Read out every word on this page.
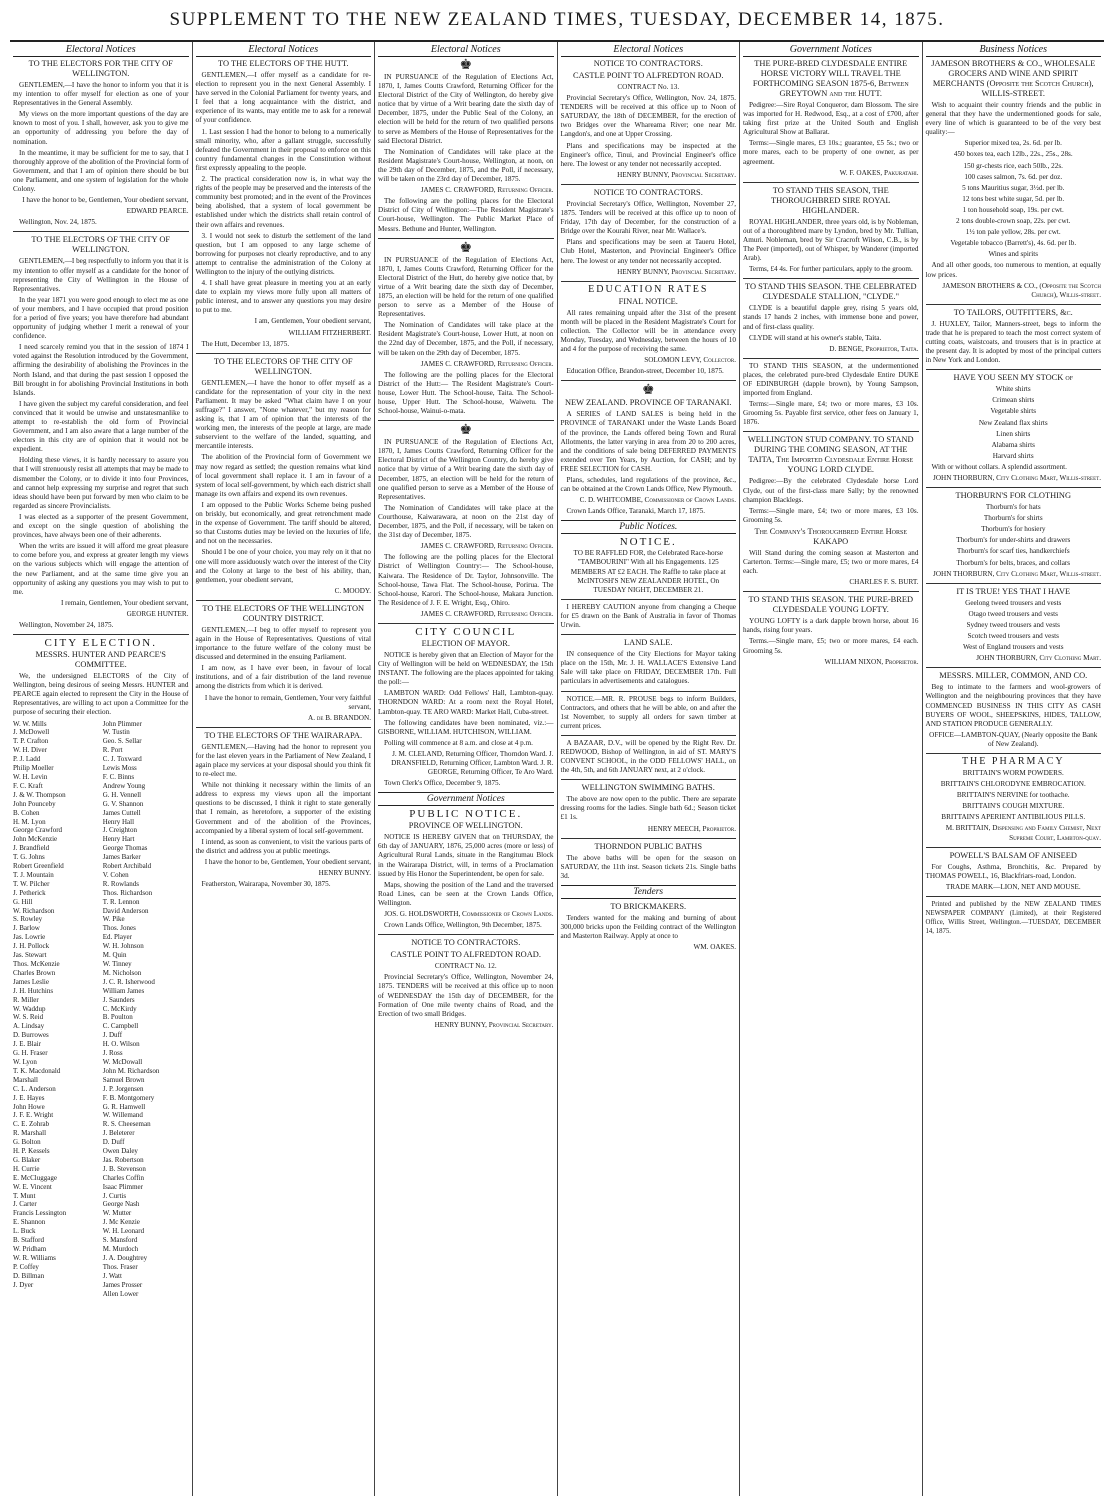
SUPPLEMENT TO THE NEW ZEALAND TIMES, TUESDAY, DECEMBER 14, 1875.
Electoral Notices

TO THE ELECTORS FOR THE CITY OF WELLINGTON.

GENTLEMEN,—I have the honor to inform you that it is my intention to offer myself for election as one of your Representatives in the General Assembly.

My views on the more important questions of the day are known to most of you. I shall, however, ask you to give me an opportunity of addressing you before the day of nomination.

In the meantime, it may be sufficient for me to say, that I thoroughly approve of the abolition of the Provincial form of Government, and that I am of opinion there should be but one Parliament, and one system of legislation for the whole Colony.

I have the honor to be, Gentlemen, Your obedient servant,

EDWARD PEARCE.

Wellington, Nov. 24, 1875.

TO THE ELECTORS OF THE CITY OF WELLINGTON.

GENTLEMEN,—I beg respectfully to inform you that it is my intention to offer myself as a candidate for the honor of representing the City of Wellington in the House of Representatives.

In the year 1871 you were good enough to elect me as one of your members, and I have occupied that proud position for a period of five years; you have therefore had abundant opportunity of judging whether I merit a renewal of your confidence.

I need scarcely remind you that in the session of 1874 I voted against the Resolution introduced by the Government, affirming the desirability of abolishing the Provinces in the North Island, and that during the past session I opposed the Bill brought in for abolishing Provincial Institutions in both Islands.

I have given the subject my careful consideration, and feel convinced that it would be unwise and unstatesmanlike to attempt to re-establish the old form of Provincial Government, and I am also aware that a large number of the electors in this city are of opinion that it would not be expedient.

Holding these views, it is hardly necessary to assure you that I will strenuously resist all attempts that may be made to dismember the Colony, or to divide it into four Provinces, and cannot help expressing my surprise and regret that such ideas should have been put forward by men who claim to be regarded as sincere Provincialists.

I was elected as a supporter of the present Government, and except on the single question of abolishing the provinces, have always been one of their adherents.

When the writs are issued it will afford me great pleasure to come before you, and express at greater length my views on the various subjects which will engage the attention of the new Parliament, and at the same time give you an opportunity of asking any questions you may wish to put to me.

I remain, Gentlemen, Your obedient servant,

GEORGE HUNTER.

Wellington, November 24, 1875.

CITY ELECTION.

MESSRS. HUNTER AND PEARCE'S COMMITTEE.

We, the undersigned ELECTORS of the City of Wellington, being desirous of seeing Messrs. HUNTER and PEARCE again elected to represent the City in the House of Representatives, are willing to act upon a Committee for the purpose of securing their election.

W. W. Mills	John Plimmer
J. McDowell	W. Tustin
T. P. Crafton	Geo. S. Sellar
W. H. Diver	R. Port
P. J. Ladd	C. J. Toxward
Philip Moeller	Lewis Moss
W. H. Levin	F. C. Binns
F. C. Kraft	Andrew Young
J. & W. Thompson	G. H. Vennell
John Pounceby	G. V. Shannon
B. Cohen	James Cuttell
H. M. Lyon	Henry Hall
George Crawford	J. Creighton
John McKenzie	Henry Hart
J. Brandfield	George Thomas
T. G. Johns	James Barker
Robert Greenfield	Robert Archibald
T. J. Mountain	V. Cohen
T. W. Pilcher	R. Rowlands
J. Petherick	Thos. Richardson
G. Hill	T. R. Lennon
W. Richardson	David Anderson
S. Rowley	W. Pike
J. Barlow	Thos. Jones
Jas. Lowrie	Ed. Player
J. H. Pollock	W. H. Johnson
Jas. Stewart	M. Quin
Thos. McKenzie	W. Tinney
Charles Brown	M. Nicholson
James Leslie	J. C. R. Isherwood
J. H. Hutchins	William James
R. Miller	J. Saunders
W. Waddup	C. McKirdy
W. S. Reid	B. Poulton
A. Lindsay	C. Campbell
D. Burrowes	J. Duff
J. E. Blair	H. O. Wilson
G. H. Fraser	J. Ross
W. Lyon	W. McDowall
T. K. Macdonald	John M. Richardson
Marshall	Samuel Brown
C. L. Anderson	J. P. Jorgensen
J. E. Hayes	F. B. Montgomery
John Howe	G. R. Hamwell
J. F. E. Wright	W. Willemand
C. E. Zohrab	R. S. Cheeseman
R. Marshall	J. Beleterer
G. Bolton	D. Duff
H. P. Kessels	Owen Daley
G. Blaker	Jas. Robertson
H. Currie	J. B. Stevenson
E. McCluggage	Charles Coffin
W. E. Vincent	Isaac Plimmer
T. Munt	J. Curtis
J. Carter	George Nash
Francis Lessington	W. Mutter
E. Shannon	J. Mc Kenzie
L. Buck	W. H. Leonard
B. Stafford	S. Mansford
W. Pridham	M. Murdoch
W. R. Williams	J. A. Doughtrey
P. Coffey	Thos. Fraser
D. Billman	J. Watt
J. Dyer	James Prosser
Allen Lower
Electoral Notices

TO THE ELECTORS OF THE HUTT.

GENTLEMEN,—I offer myself as a candidate for re-election to represent you in the next General Assembly. I have served in the Colonial Parliament for twenty years, and I feel that a long acquaintance with the district, and experience of its wants, may entitle me to ask for a renewal of your confidence.

1. Last session I had the honor to belong to a numerically small minority, who, after a gallant struggle, successfully defeated the Government in their proposal to enforce on this country fundamental changes in the Constitution without first expressly appealing to the people.

2. The practical consideration now is, in what way the rights of the people may be preserved and the interests of the community best promoted; and in the event of the Provinces being abolished, that a system of local government be established under which the districts shall retain control of their own affairs and revenues.

3. I would not seek to disturb the settlement of the land question, but I am opposed to any large scheme of borrowing for purposes not clearly reproductive, and to any attempt to centralise the administration of the Colony at Wellington to the injury of the outlying districts.

4. I shall have great pleasure in meeting you at an early date to explain my views more fully upon all matters of public interest, and to answer any questions you may desire to put to me.

I am, Gentlemen, Your obedient servant,

WILLIAM FITZHERBERT.

The Hutt, December 13, 1875.

TO THE ELECTORS OF THE CITY OF WELLINGTON.

GENTLEMEN,—I have the honor to offer myself as a candidate for the representation of your city in the next Parliament. It may be asked "What claim have I on your suffrage?" I answer, "None whatever," but my reason for asking is, that I am of opinion that the interests of the working men, the interests of the people at large, are made subservient to the welfare of the landed, squatting, and mercantile interests.

The abolition of the Provincial form of Government we may now regard as settled; the question remains what kind of local government shall replace it. I am in favour of a system of local self-government, by which each district shall manage its own affairs and expend its own revenues.

I am opposed to the Public Works Scheme being pushed on briskly, but economically, and great retrenchment made in the expense of Government. The tariff should be altered, so that Customs duties may be levied on the luxuries of life, and not on the necessaries.

Should I be one of your choice, you may rely on it that no one will more assiduously watch over the interest of the City and the Colony at large to the best of his ability, than, gentlemen, your obedient servant,

C. MOODY.

TO THE ELECTORS OF THE WELLINGTON COUNTRY DISTRICT.

GENTLEMEN,—I beg to offer myself to represent you again in the House of Representatives. Questions of vital importance to the future welfare of the colony must be discussed and determined in the ensuing Parliament.

I am now, as I have ever been, in favour of local institutions, and of a fair distribution of the land revenue among the districts from which it is derived.

I have the honor to remain, Gentlemen, Your very faithful servant,

A. de B. BRANDON.

TO THE ELECTORS OF THE WAIRARAPA.

GENTLEMEN,—Having had the honor to represent you for the last eleven years in the Parliament of New Zealand, I again place my services at your disposal should you think fit to re-elect me.

While not thinking it necessary within the limits of an address to express my views upon all the important questions to be discussed, I think it right to state generally that I remain, as heretofore, a supporter of the existing Government and of the abolition of the Provinces, accompanied by a liberal system of local self-government.

I intend, as soon as convenient, to visit the various parts of the district and address you at public meetings.

I have the honor to be, Gentlemen, Your obedient servant,

HENRY BUNNY.

Featherston, Wairarapa, November 30, 1875.

Electoral Notices
♚

IN PURSUANCE of the Regulation of Elections Act, 1870, I, James Coutts Crawford, Returning Officer for the Electoral District of the City of Wellington, do hereby give notice that by virtue of a Writ bearing date the sixth day of December, 1875, under the Public Seal of the Colony, an election will be held for the return of two qualified persons to serve as Members of the House of Representatives for the said Electoral District.

The Nomination of Candidates will take place at the Resident Magistrate's Court-house, Wellington, at noon, on the 29th day of December, 1875, and the Poll, if necessary, will be taken on the 23rd day of December, 1875.

JAMES C. CRAWFORD, Returning Officer.

The following are the polling places for the Electoral District of City of Wellington:—The Resident Magistrate's Court-house, Wellington. The Public Market Place of Messrs. Bethune and Hunter, Wellington.

♚

IN PURSUANCE of the Regulation of Elections Act, 1870, I, James Coutts Crawford, Returning Officer for the Electoral District of the Hutt, do hereby give notice that, by virtue of a Writ bearing date the sixth day of December, 1875, an election will be held for the return of one qualified person to serve as a Member of the House of Representatives.

The Nomination of Candidates will take place at the Resident Magistrate's Court-house, Lower Hutt, at noon on the 22nd day of December, 1875, and the Poll, if necessary, will be taken on the 29th day of December, 1875.

JAMES C. CRAWFORD, Returning Officer.

The following are the polling places for the Electoral District of the Hutt:— The Resident Magistrate's Court-house, Lower Hutt. The School-house, Taita. The School-house, Upper Hutt. The School-house, Waiwetu. The School-house, Wainui-o-mata.

♚

IN PURSUANCE of the Regulation of Elections Act, 1870, I, James Coutts Crawford, Returning Officer for the Electoral District of the Wellington Country, do hereby give notice that by virtue of a Writ bearing date the sixth day of December, 1875, an election will be held for the return of one qualified person to serve as a Member of the House of Representatives.

The Nomination of Candidates will take place at the Courthouse, Kaiwarawara, at noon on the 21st day of December, 1875, and the Poll, if necessary, will be taken on the 31st day of December, 1875.

JAMES C. CRAWFORD, Returning Officer.

The following are the polling places for the Electoral District of Wellington Country:— The School-house, Kaiwara. The Residence of Dr. Taylor, Johnsonville. The School-house, Tawa Flat. The School-house, Porirua. The School-house, Karori. The School-house, Makara Junction. The Residence of J. F. E. Wright, Esq., Ohiro.

JAMES C. CRAWFORD, Returning Officer.

CITY COUNCIL

ELECTION OF MAYOR.

NOTICE is hereby given that an Election of Mayor for the City of Wellington will be held on WEDNESDAY, the 15th INSTANT. The following are the places appointed for taking the poll:—

LAMBTON WARD: Odd Fellows' Hall, Lambton-quay. THORNDON WARD: At a room next the Royal Hotel, Lambton-quay. TE ARO WARD: Market Hall, Cuba-street.

The following candidates have been nominated, viz.:— GISBORNE, WILLIAM. HUTCHISON, WILLIAM.

Polling will commence at 8 a.m. and close at 4 p.m.

J. M. CLELAND, Returning Officer, Thorndon Ward. J. DRANSFIELD, Returning Officer, Lambton Ward. J. R. GEORGE, Returning Officer, Te Aro Ward.

Town Clerk's Office, December 9, 1875.

Government Notices

PUBLIC NOTICE.

PROVINCE OF WELLINGTON.

NOTICE IS HEREBY GIVEN that on THURSDAY, the 6th day of JANUARY, 1876, 25,000 acres (more or less) of Agricultural Rural Lands, situate in the Rangitumau Block in the Wairarapa District, will, in terms of a Proclamation issued by His Honor the Superintendent, be open for sale.

Maps, showing the position of the Land and the traversed Road Lines, can be seen at the Crown Lands Office, Wellington.

JOS. G. HOLDSWORTH, Commissioner of Crown Lands.

Crown Lands Office, Wellington, 9th December, 1875.

NOTICE TO CONTRACTORS.

CASTLE POINT TO ALFREDTON ROAD.

CONTRACT No. 12.

Provincial Secretary's Office, Wellington, November 24, 1875. TENDERS will be received at this office up to noon of WEDNESDAY the 15th day of DECEMBER, for the Formation of One mile twenty chains of Road, and the Erection of two small Bridges.

HENRY BUNNY, Provincial Secretary.

Electoral Notices

NOTICE TO CONTRACTORS.

CASTLE POINT TO ALFREDTON ROAD.

CONTRACT No. 13.

Provincial Secretary's Office, Wellington, Nov. 24, 1875. TENDERS will be received at this office up to Noon of SATURDAY, the 18th of DECEMBER, for the erection of two Bridges over the Whareama River; one near Mr. Langdon's, and one at Upper Crossing.

Plans and specifications may be inspected at the Engineer's office, Tinui, and Provincial Engineer's office here. The lowest or any tender not necessarily accepted.

HENRY BUNNY, Provincial Secretary.

NOTICE TO CONTRACTORS.

Provincial Secretary's Office, Wellington, November 27, 1875. Tenders will be received at this office up to noon of Friday, 17th day of December, for the construction of a Bridge over the Kourahi River, near Mr. Wallace's.

Plans and specifications may be seen at Taueru Hotel, Club Hotel, Masterton, and Provincial Engineer's Office here. The lowest or any tender not necessarily accepted.

HENRY BUNNY, Provincial Secretary.

EDUCATION RATES

FINAL NOTICE.

All rates remaining unpaid after the 31st of the present month will be placed in the Resident Magistrate's Court for collection. The Collector will be in attendance every Monday, Tuesday, and Wednesday, between the hours of 10 and 4 for the purpose of receiving the same.

SOLOMON LEVY, Collector.

Education Office, Brandon-street, December 10, 1875.

♚

NEW ZEALAND. PROVINCE OF TARANAKI.

A SERIES of LAND SALES is being held in the PROVINCE of TARANAKI under the Waste Lands Board of the province, the Lands offered being Town and Rural Allotments, the latter varying in area from 20 to 200 acres, and the conditions of sale being DEFERRED PAYMENTS extended over Ten Years, by Auction, for CASH; and by FREE SELECTION for CASH.

Plans, schedules, land regulations of the province, &c., can be obtained at the Crown Lands Office, New Plymouth.

C. D. WHITCOMBE, Commissioner of Crown Lands.

Crown Lands Office, Taranaki, March 17, 1875.

Public Notices.

NOTICE.

TO BE RAFFLED FOR, the Celebrated Race-horse "TAMBOURINI" With all his Engagements. 125 MEMBERS AT £2 EACH. The Raffle to take place at McINTOSH'S NEW ZEALANDER HOTEL, On TUESDAY NIGHT, DECEMBER 21.

I HEREBY CAUTION anyone from changing a Cheque for £5 drawn on the Bank of Australia in favor of Thomas Urwin.

LAND SALE.

IN consequence of the City Elections for Mayor taking place on the 15th, Mr. J. H. WALLACE'S Extensive Land Sale will take place on FRIDAY, DECEMBER 17th. Full particulars in advertisements and catalogues.

NOTICE.—MR. R. PROUSE begs to inform Builders, Contractors, and others that he will be able, on and after the 1st November, to supply all orders for sawn timber at current prices.

A BAZAAR, D.V., will be opened by the Right Rev. Dr. REDWOOD, Bishop of Wellington, in aid of ST. MARY'S CONVENT SCHOOL, in the ODD FELLOWS' HALL, on the 4th, 5th, and 6th JANUARY next, at 2 o'clock.

WELLINGTON SWIMMING BATHS.

The above are now open to the public. There are separate dressing rooms for the ladies. Single bath 6d.; Season ticket £1 1s.

HENRY MEECH, Proprietor.

THORNDON PUBLIC BATHS

The above baths will be open for the season on SATURDAY, the 11th inst. Season tickets 21s. Single baths 3d.

Tenders

TO BRICKMAKERS.

Tenders wanted for the making and burning of about 300,000 bricks upon the Feilding contract of the Wellington and Masterton Railway. Apply at once to

WM. OAKES.

Government Notices

THE PURE-BRED CLYDESDALE ENTIRE HORSE VICTORY WILL TRAVEL THE FORTHCOMING SEASON 1875-6, Between GREYTOWN and the HUTT.

Pedigree:—Sire Royal Conqueror, dam Blossom. The sire was imported for H. Redwood, Esq., at a cost of £700, after taking first prize at the United South and English Agricultural Show at Ballarat.

Terms:—Single mares, £3 10s.; guarantee, £5 5s.; two or more mares, each to be property of one owner, as per agreement.

W. F. OAKES, Pakuratahi.

TO STAND THIS SEASON, THE THOROUGHBRED SIRE ROYAL HIGHLANDER.

ROYAL HIGHLANDER, three years old, is by Nobleman, out of a thoroughbred mare by Lyndon, bred by Mr. Tullian, Amuri. Nobleman, bred by Sir Cracroft Wilson, C.B., is by The Peer (imported), out of Whisper, by Wanderer (imported Arab).

Terms, £4 4s. For further particulars, apply to the groom.

TO STAND THIS SEASON. THE CELEBRATED CLYDESDALE STALLION, "CLYDE."

CLYDE is a beautiful dapple grey, rising 5 years old, stands 17 hands 2 inches, with immense bone and power, and of first-class quality.

CLYDE will stand at his owner's stable, Taita.

D. BENGE, Proprietor, Taita.

TO STAND THIS SEASON, at the undermentioned places, the celebrated pure-bred Clydesdale Entire DUKE OF EDINBURGH (dapple brown), by Young Sampson, imported from England.

Terms:—Single mare, £4; two or more mares, £3 10s. Grooming 5s. Payable first service, other fees on January 1, 1876.

WELLINGTON STUD COMPANY. TO STAND DURING THE COMING SEASON, AT THE TAITA, The Imported Clydesdale Entire Horse YOUNG LORD CLYDE.

Pedigree:—By the celebrated Clydesdale horse Lord Clyde, out of the first-class mare Sally; by the renowned champion Blacklegs.

Terms:—Single mare, £4; two or more mares, £3 10s. Grooming 5s.

The Company's Thoroughbred Entire Horse KAKAPO

Will Stand during the coming season at Masterton and Carterton. Terms:—Single mare, £5; two or more mares, £4 each.

CHARLES F. S. BURT.

TO STAND THIS SEASON. THE PURE-BRED CLYDESDALE YOUNG LOFTY.

YOUNG LOFTY is a dark dapple brown horse, about 16 hands, rising four years.

Terms.—Single mare, £5; two or more mares, £4 each. Grooming 5s.

WILLIAM NIXON, Proprietor.

Business Notices

JAMESON BROTHERS & CO., WHOLESALE GROCERS AND WINE AND SPIRIT MERCHANTS (Opposite the Scotch Church), WILLIS-STREET.

Wish to acquaint their country friends and the public in general that they have the undermentioned goods for sale, every line of which is guaranteed to be of the very best quality:—

Superior mixed tea, 2s. 6d. per lb.

450 boxes tea, each 12lb., 22s., 25s., 28s.

150 gr-chests rice, each 50lb., 22s.

100 cases salmon, 7s. 6d. per doz.

5 tons Mauritius sugar, 3½d. per lb.

12 tons best white sugar, 5d. per lb.

1 ton household soap, 19s. per cwt.

2 tons double-crown soap, 22s. per cwt.

1½ ton pale yellow, 28s. per cwt.

Vegetable tobacco (Barrett's), 4s. 6d. per lb.

Wines and spirits

And all other goods, too numerous to mention, at equally low prices.

JAMESON BROTHERS & CO., (Opposite the Scotch Church), Willis-street.

TO TAILORS, OUTFITTERS, &c.

J. HUXLEY, Tailor, Manners-street, begs to inform the trade that he is prepared to teach the most correct system of cutting coats, waistcoats, and trousers that is in practice at the present day. It is adopted by most of the principal cutters in New York and London.

HAVE YOU SEEN MY STOCK of

White shirts

Crimean shirts

Vegetable shirts

New Zealand flax shirts

Linen shirts

Alabama shirts

Harvard shirts

With or without collars. A splendid assortment.

JOHN THORBURN, City Clothing Mart, Willis-street.

THORBURN'S FOR CLOTHING

Thorburn's for hats

Thorburn's for shirts

Thorburn's for hosiery

Thorburn's for under-shirts and drawers

Thorburn's for scarf ties, handkerchiefs

Thorburn's for belts, braces, and collars

JOHN THORBURN, City Clothing Mart, Willis-street.

IT IS TRUE! YES THAT I HAVE

Geelong tweed trousers and vests

Otago tweed trousers and vests

Sydney tweed trousers and vests

Scotch tweed trousers and vests

West of England trousers and vests

JOHN THORBURN, City Clothing Mart.

MESSRS. MILLER, COMMON, AND CO.

Beg to intimate to the farmers and wool-growers of Wellington and the neighbouring provinces that they have COMMENCED BUSINESS IN THIS CITY AS CASH BUYERS OF WOOL, SHEEPSKINS, HIDES, TALLOW, AND STATION PRODUCE GENERALLY.

OFFICE—LAMBTON-QUAY, (Nearly opposite the Bank of New Zealand).

THE PHARMACY

BRITTAIN'S WORM POWDERS.

BRITTAIN'S CHLORODYNE EMBROCATION.

BRITTAIN'S NERVINE for toothache.

BRITTAIN'S COUGH MIXTURE.

BRITTAIN'S APERIENT ANTIBILIOUS PILLS.

M. BRITTAIN, Dispensing and Family Chemist, Next Supreme Court, Lambton-quay.

POWELL'S BALSAM OF ANISEED

For Coughs, Asthma, Bronchitis, &c. Prepared by THOMAS POWELL, 16, Blackfriars-road, London.

TRADE MARK—LION, NET AND MOUSE.

Printed and published by the NEW ZEALAND TIMES NEWSPAPER COMPANY (Limited), at their Registered Office, Willis Street, Wellington.—TUESDAY, DECEMBER 14, 1875.
